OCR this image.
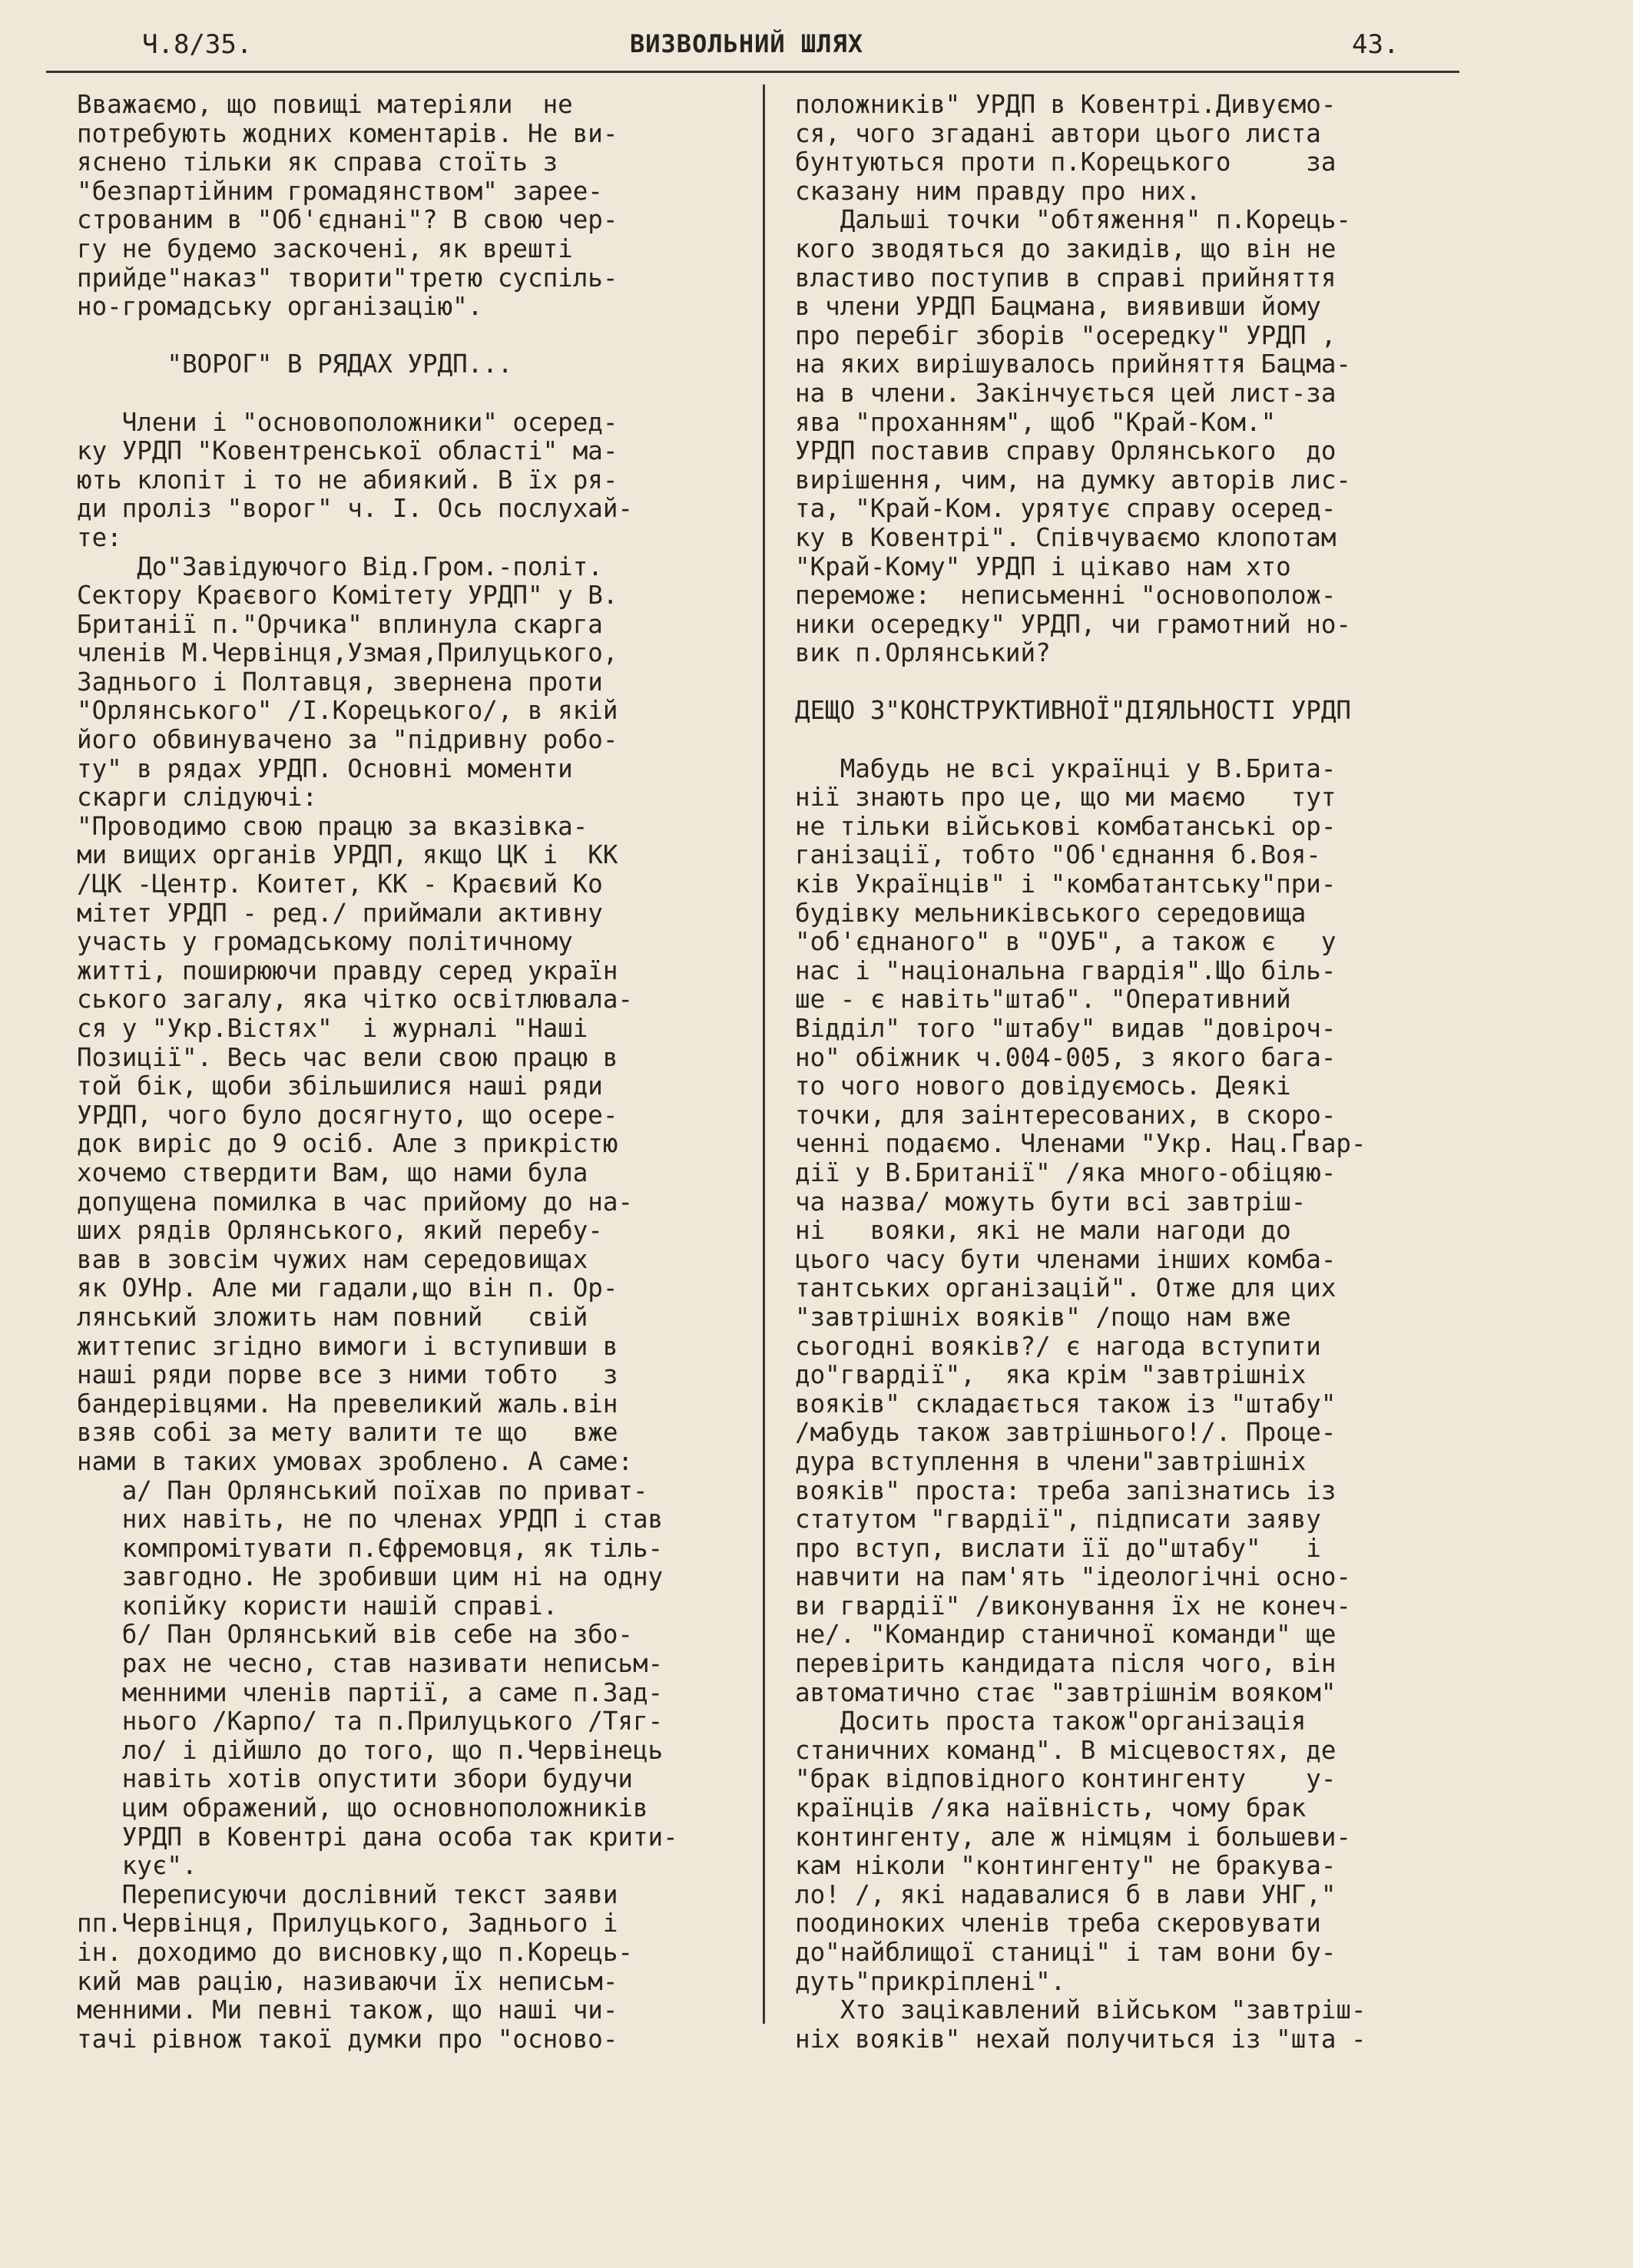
Ч.8/35.	ВИЗВОЛЬНИЙ ШЛЯХ	43.

Вважаємо, що повищі матеріяли  не

потребують жодних коментарів. Не ви-

яснено тільки як справа стоїть з

"безпартійним громадянством" зарее-

строваним в "Об'єднані"? В свою чер-

гу не будемо заскочені, як врешті

прийде"наказ" творити"третю суспіль-

но-громадську організацію".

"ВОРОГ" В РЯДАХ УРДП...

Члени і "основоположники" осеред-

ку УРДП "Ковентренської області" ма-

ють клопіт і то не абиякий. В їх ря-

ди проліз "ворог" ч. І. Ось послухай-

те:

До"Завідуючого Від.Гром.-політ.

Сектору Краєвого Комітету УРДП" у В.

Британії п."Орчика" вплинула скарга

членів М.Червінця,Узмая,Прилуцького,

Заднього і Полтавця, звернена проти

"Орлянського" /І.Корецького/, в якій

його обвинувачено за "підривну робо-

ту" в рядах УРДП. Основні моменти

скарги слідуючі:

"Проводимо свою працю за вказівка-

ми вищих органів УРДП, якщо ЦК і  КК

/ЦК -Центр. Коитет, КК - Краєвий Ко

мітет УРДП - ред./ приймали активну

участь у громадському політичному

житті, поширюючи правду серед україн

ського загалу, яка чітко освітлювала-

ся у "Укр.Вістях"  і журналі "Наші

Позиції". Весь час вели свою працю в

той бік, щоби збільшилися наші ряди

УРДП, чого було досягнуто, що осере-

док виріс до 9 осіб. Але з прикрістю

хочемо ствердити Вам, що нами була

допущена помилка в час прийому до на-

ших рядів Орлянського, який перебу-

вав в зовсім чужих нам середовищах

як ОУНр. Але ми гадали,що він п. Ор-

лянський зложить нам повний   свій

життепис згідно вимоги і вступивши в

наші ряди порве все з ними тобто   з

бандерівцями. На превеликий жаль.він

взяв собі за мету валити те що   вже

нами в таких умовах зроблено. А саме:

а/ Пан Орлянський поїхав по приват-

них навіть, не по членах УРДП і став

компромітувати п.Єфремовця, як тіль-

завгодно. Не зробивши цим ні на одну

копійку користи нашій справі.

б/ Пан Орлянський вів себе на збо-

рах не чесно, став називати неписьм-

менними членів партії, а саме п.Зад-

нього /Карпо/ та п.Прилуцького /Тяг-

ло/ і дійшло до того, що п.Червінець

навіть хотів опустити збори будучи

цим ображений, що основноположників

УРДП в Ковентрі дана особа так крити-

кує".

Переписуючи дослівний текст заяви

пп.Червінця, Прилуцького, Заднього і

ін. доходимо до висновку,що п.Корець-

кий мав рацію, називаючи їх неписьм-

менними. Ми певні також, що наші чи-

тачі рівнож такої думки про "осново-

положників" УРДП в Ковентрі.Дивуємо-

ся, чого згадані автори цього листа

бунтуються проти п.Корецького     за

сказану ним правду про них.

Дальші точки "обтяження" п.Корець-

кого зводяться до закидів, що він не

властиво поступив в справі прийняття

в члени УРДП Бацмана, виявивши йому

про перебіг зборів "осередку" УРДП ,

на яких вирішувалось прийняття Бацма-

на в члени. Закінчується цей лист-за

ява "проханням", щоб "Край-Ком."

УРДП поставив справу Орлянського  до

вирішення, чим, на думку авторів лис-

та, "Край-Ком. урятує справу осеред-

ку в Ковентрі". Співчуваємо клопотам

"Край-Кому" УРДП і цікаво нам хто

переможе:  неписьменні "основополож-

ники осередку" УРДП, чи грамотний но-

вик п.Орлянський?

ДЕЩО З"КОНСТРУКТИВНОЇ"ДІЯЛЬНОСТІ УРДП

Мабудь не всі українці у В.Брита-

нії знають про це, що ми маємо   тут

не тільки військові комбатанські ор-

ганізації, тобто "Об'єднання б.Воя-

ків Українців" і "комбатантську"при-

будівку мельниківського середовища

"об'єднаного" в "ОУБ", а також є   у

нас і "національна гвардія".Що біль-

ше - є навіть"штаб". "Оперативний

Відділ" того "штабу" видав "довірoч-

но" обіжник ч.004-005, з якого бага-

то чого нового довідуємось. Деякі

точки, для заінтересованих, в скоро-

ченні подаємо. Членами "Укр. Нац.Ґвар-

дії у В.Британії" /яка много-обіцяю-

ча назва/ можуть бути всі завтріш-

ні   вояки, які не мали нагоди до

цього часу бути членами інших комба-

тантських організацій". Отже для цих

"завтрішніх вояків" /пощо нам вже

сьогодні вояків?/ є нагода вступити

до"гвардії",  яка крім "завтрішніх

вояків" складається також із "штабу"

/мабудь також завтрішнього!/. Проце-

дура вступлення в члени"завтрішніх

вояків" проста: треба запізнатись із

статутом "гвардії", підписати заяву

про вступ, вислати її до"штабу"   і

навчити на пам'ять "ідеологічні осно-

ви гвардії" /виконування їх не конеч-

не/. "Командир станичної команди" ще

перевірить кандидата після чого, він

автоматично стає "завтрішнім вояком"

Досить проста також"організація

станичних команд". В місцевостях, де

"брак відповідного контингенту    у-

країнців /яка наївність, чому брак

контингенту, але ж німцям і большеви-

кам ніколи "контингенту" не бракува-

ло! /, які надавалися б в лави УНГ,"

поодиноких членів треба скеровувати

до"найблищої станиці" і там вони бу-

дуть"прикріплені".

Хто зацікавлений військом "завтріш-

ніх вояків" нехай получиться із "шта -
